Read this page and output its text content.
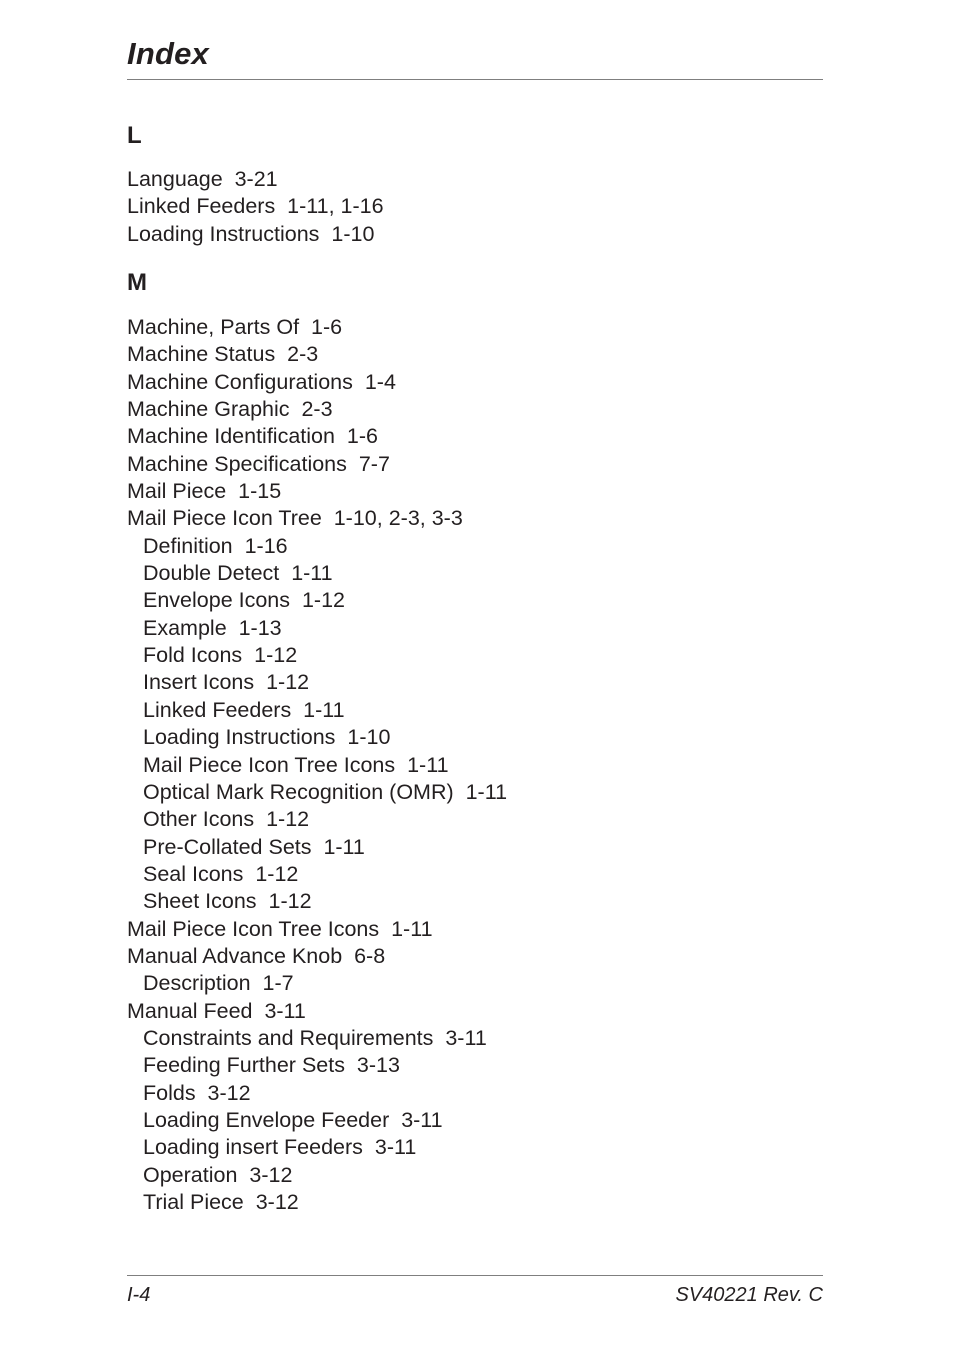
Index
L
Language  3-21
Linked Feeders  1-11, 1-16
Loading Instructions  1-10
M
Machine, Parts Of  1-6
Machine Status  2-3
Machine Configurations  1-4
Machine Graphic  2-3
Machine Identification  1-6
Machine Specifications  7-7
Mail Piece  1-15
Mail Piece Icon Tree  1-10, 2-3, 3-3
Definition  1-16
Double Detect  1-11
Envelope Icons  1-12
Example  1-13
Fold Icons  1-12
Insert Icons  1-12
Linked Feeders  1-11
Loading Instructions  1-10
Mail Piece Icon Tree Icons  1-11
Optical Mark Recognition (OMR)  1-11
Other Icons  1-12
Pre-Collated Sets  1-11
Seal Icons  1-12
Sheet Icons  1-12
Mail Piece Icon Tree Icons  1-11
Manual Advance Knob  6-8
Description  1-7
Manual Feed  3-11
Constraints and Requirements  3-11
Feeding Further Sets  3-13
Folds  3-12
Loading Envelope Feeder  3-11
Loading insert Feeders  3-11
Operation  3-12
Trial Piece  3-12
I-4	SV40221 Rev. C
